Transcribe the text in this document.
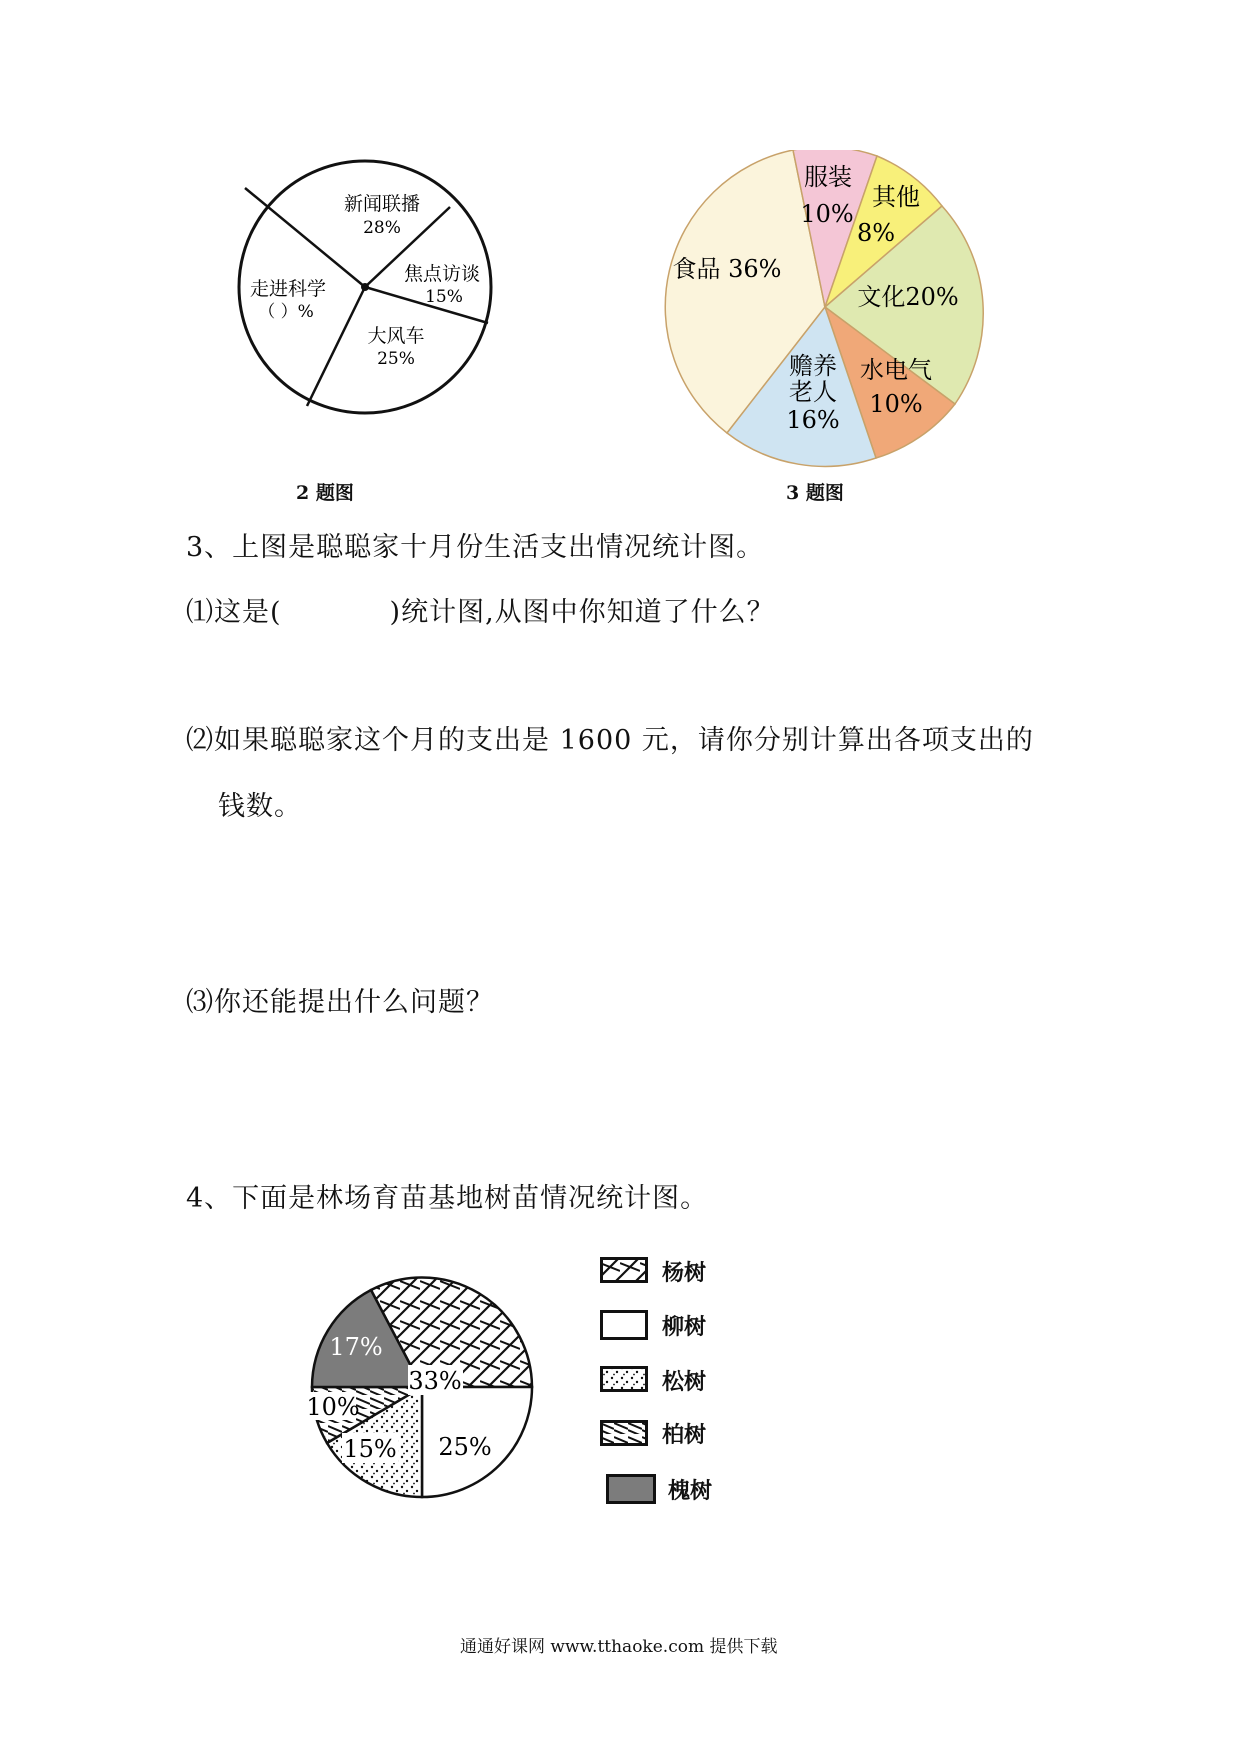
新闻联播
28%
焦点访谈
15%
大风车
25%
走进科学
（ ）%
2 题图
服装
10%
其他
8%
文化20%
水电气
10%
赡养
老人
16%
食品 36%
3 题图
3、上图是聪聪家十月份生活支出情况统计图。
⑴这是(	)统计图,从图中你知道了什么？
⑵如果聪聪家这个月的支出是 1600 元，请你分别计算出各项支出的
钱数。
⑶你还能提出什么问题？
4、下面是林场育苗基地树苗情况统计图。
33%
25%
15%
10%
17%
杨树
柳树
松树
柏树
槐树
通通好课网 www.tthaoke.com 提供下载
